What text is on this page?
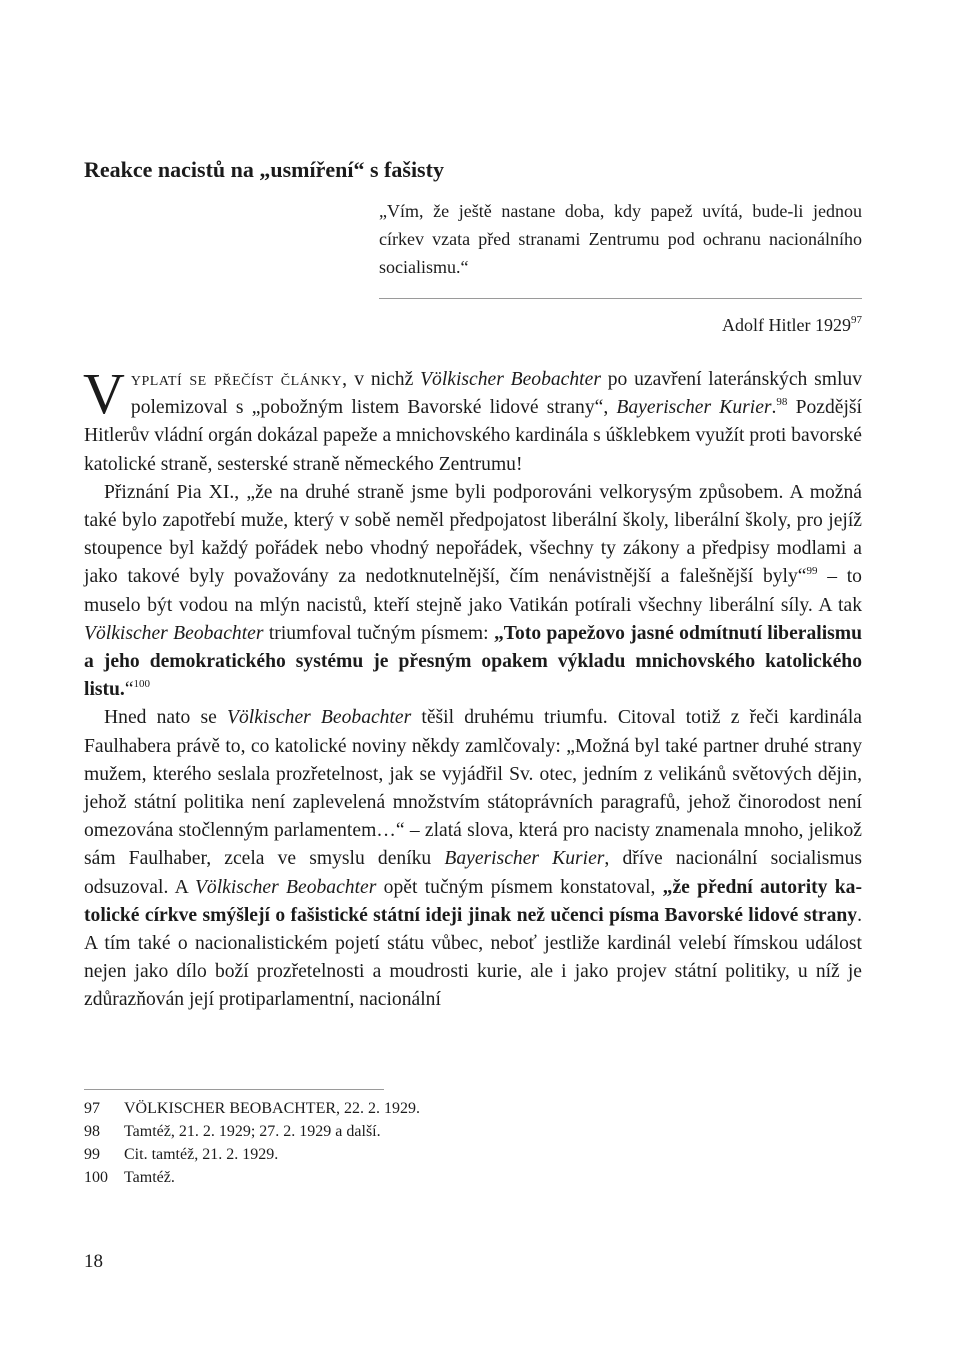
Reakce nacistů na „usmíření“ s fašisty
„Vím, že ještě nastane doba, kdy papež uvítá, bude-li jednou církev vzata před stranami Zentrumu pod ochranu nacionálního socialismu.“
Adolf Hitler 1929$^{97}$

Vyplatí se přečíst články, v nichž Völkischer Beobachter po uzavření lateránských smluv polemizoval s „pobožným listem Bavorské lidové strany“, Bayerischer Kurier.$^{98}$ Pozdější Hitlerův vládní orgán dokázal papeže a mnichovského kardinála s úšklebkem využít proti bavorské katolické straně, sesterské straně německého Zentrumu!

Přiznání Pia XI., „že na druhé straně jsme byli podporováni velkorysým způsobem. A možná také bylo zapotřebí muže, který v sobě neměl předpojatost liberální školy, liberální školy, pro jejíž stoupence byl každý pořádek nebo vhodný nepořádek, všechny ty zákony a předpisy modlami a jako takové byly považovány za nedotknutelnější, čím nenávistnější a falešnější byly“$^{99}$ – to muselo být vodou na mlýn nacistů, kteří stejně jako Vatikán potírali všechny liberální síly. A tak Völkischer Beobachter triumfoval tučným písmem: „Toto papežovo jasné odmítnutí liberalismu a jeho demokratického systému je přesným opakem výkladu mnichovského katolického listu.“$^{100}$

Hned nato se Völkischer Beobachter těšil druhému triumfu. Citoval totiž z řeči kardinála Faulhabera právě to, co katolické noviny někdy zamlčovaly: „Možná byl také partner druhé strany mužem, kterého seslala prozřetelnost, jak se vyjádřil Sv. otec, jedním z velikánů světových dějin, jehož státní politika není zaplevelená množstvím státoprávních paragrafů, jehož činorodost není omezována stočlenným parlamentem…“ – zlatá slova, která pro nacisty znamenala mnoho, jelikož sám Faulhaber, zcela ve smyslu deníku Bayerischer Kurier, dříve nacionální socialismus odsuzoval. A Völkischer Beobachter opět tučným písmem konstatoval, „že přední autority katolické církve smýšlejí o fašistické státní ideji jinak než učenci písma Bavorské lidové strany. A tím také o nacionalistickém pojetí státu vůbec, neboť jestliže kardinál velebí římskou událost nejen jako dílo boží prozřetelnosti a moudrosti kurie, ale i jako projev státní politiky, u níž je zdůrazňován její protiparlamentní, nacionální

97 VÖLKISCHER BEOBACHTER, 22. 2. 1929.
98 Tamtéž, 21. 2. 1929; 27. 2. 1929 a další.
99 Cit. tamtéž, 21. 2. 1929.
100 Tamtéž.
18
